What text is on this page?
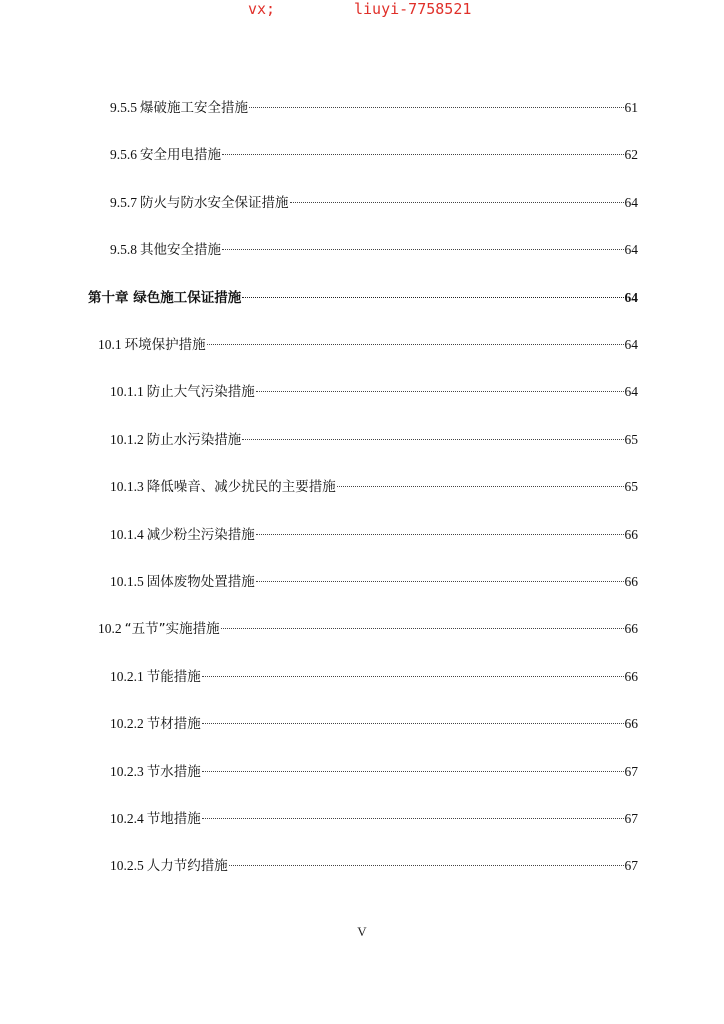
vx;	liuyi-7758521
9.5.5 爆破施工安全措施	61
9.5.6 安全用电措施	62
9.5.7 防火与防水安全保证措施	64
9.5.8 其他安全措施	64
第十章 绿色施工保证措施	64
10.1 环境保护措施	64
10.1.1 防止大气污染措施	64
10.1.2 防止水污染措施	65
10.1.3 降低噪音、减少扰民的主要措施	65
10.1.4 减少粉尘污染措施	66
10.1.5 固体废物处置措施	66
10.2 “五节”实施措施	66
10.2.1 节能措施	66
10.2.2 节材措施	66
10.2.3 节水措施	67
10.2.4 节地措施	67
10.2.5 人力节约措施	67
V
